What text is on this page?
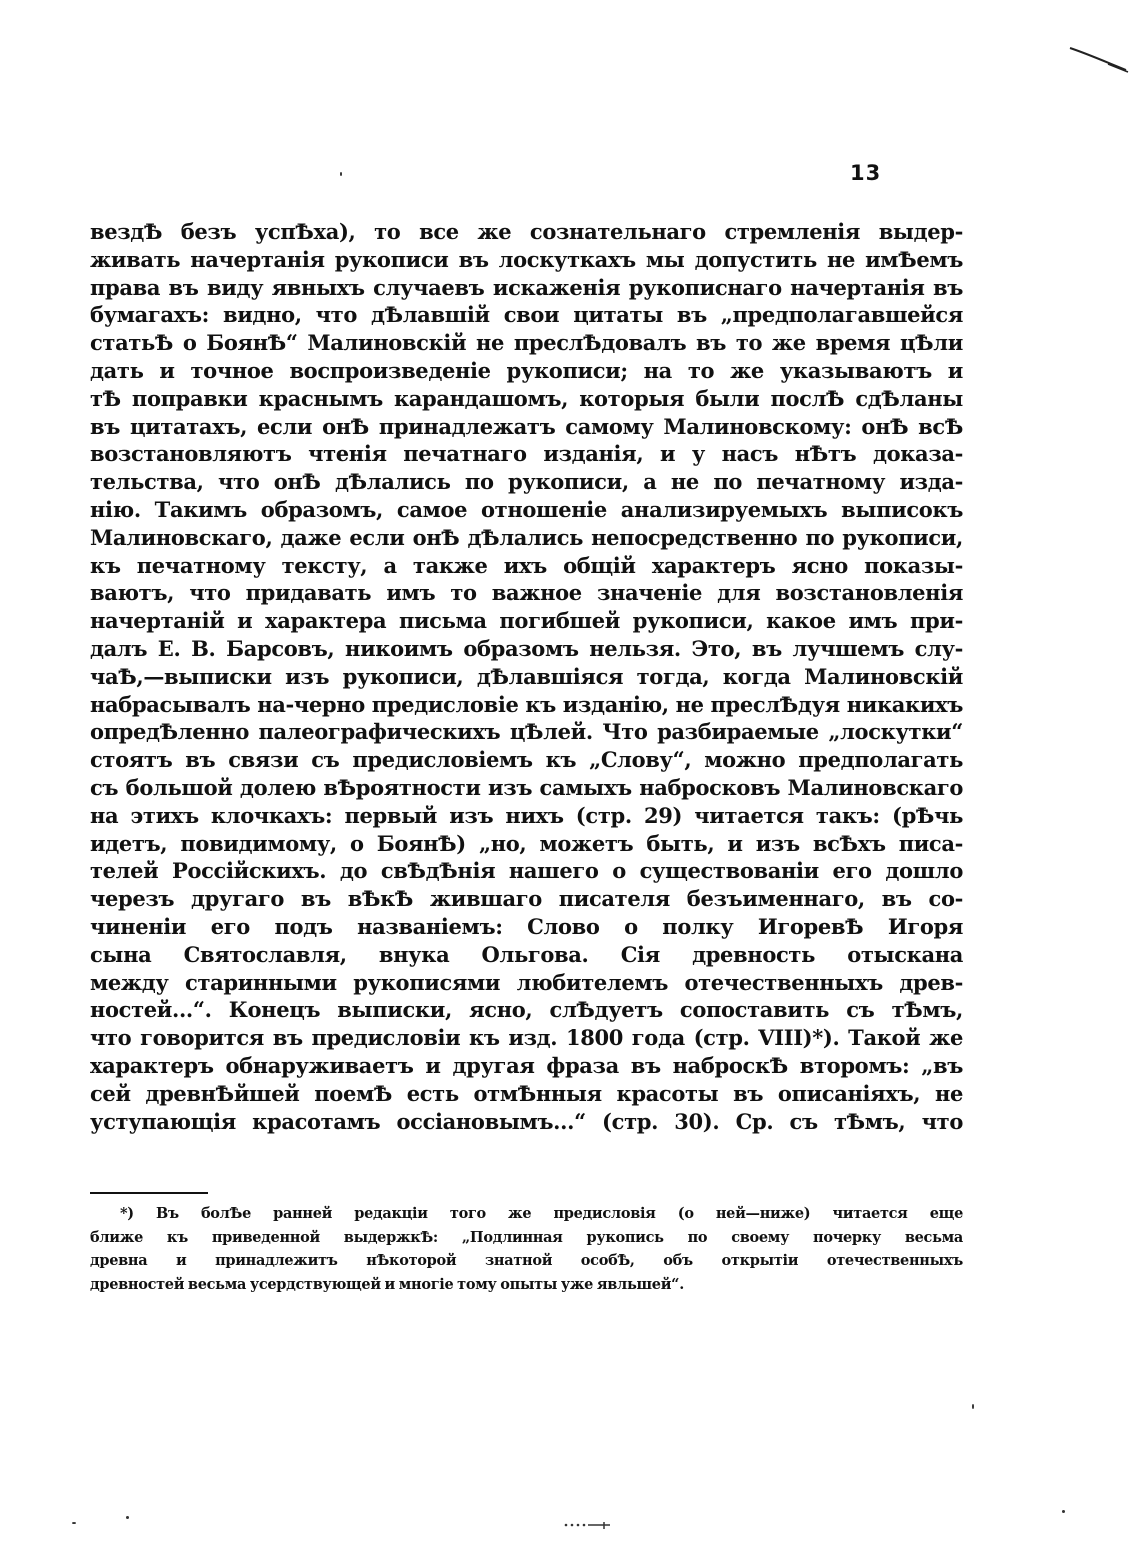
13
вездѢ безъ успѢха), то все же сознательнаго стремленія выдер-
живать начертанія рукописи въ лоскуткахъ мы допустить не имѢемъ
права въ виду явныхъ случаевъ искаженія рукописнаго начертанія въ
бумагахъ: видно, что дѢлавшій свои цитаты въ „предполагавшейся
статьѢ о БоянѢ“ Малиновскій не преслѢдовалъ въ то же время цѢли
дать и точное воспроизведеніе рукописи; на то же указываютъ и
тѢ поправки краснымъ карандашомъ, которыя были послѢ сдѢланы
въ цитатахъ, если онѢ принадлежатъ самому Малиновскому: онѢ всѢ
возстановляютъ чтенія печатнаго изданія, и у насъ нѢтъ доказа-
тельства, что онѢ дѢлались по рукописи, а не по печатному изда-
нію. Такимъ образомъ, самое отношеніе анализируемыхъ выписокъ
Малиновскаго, даже если онѢ дѢлались непосредственно по рукописи,
къ печатному тексту, а также ихъ общій характеръ ясно показы-
ваютъ, что придавать имъ то важное значеніе для возстановленія
начертаній и характера письма погибшей рукописи, какое имъ при-
далъ Е. В. Барсовъ, никоимъ образомъ нельзя. Это, въ лучшемъ слу-
чаѢ,—выписки изъ рукописи, дѢлавшіяся тогда, когда Малиновскій
набрасывалъ на-черно предисловіе къ изданію, не преслѢдуя никакихъ
опредѢленно палеографическихъ цѢлей. Что разбираемые „лоскутки“
стоятъ въ связи съ предисловіемъ къ „Слову“, можно предполагать
съ большой долею вѢроятности изъ самыхъ набросковъ Малиновскаго
на этихъ клочкахъ: первый изъ нихъ (стр. 29) читается такъ: (рѢчь
идетъ, повидимому, о БоянѢ) „но, можетъ быть, и изъ всѢхъ писа-
телей Россійскихъ. до свѢдѢнія нашего о существованіи его дошло
черезъ другаго въ вѢкѢ жившаго писателя безъименнаго, въ со-
чиненіи его подъ названіемъ: Слово о полку ИгоревѢ Игоря
сына Святославля, внука Ольгова. Сія древность отыскана
между старинными рукописями любителемъ отечественныхъ древ-
ностей...“. Конецъ выписки, ясно, слѢдуетъ сопоставить съ тѢмъ,
что говорится въ предисловіи къ изд. 1800 года (стр. VIII)*). Такой же
характеръ обнаруживаетъ и другая фраза въ наброскѢ второмъ: „въ
сей древнѢйшей поемѢ есть отмѢнныя красоты въ описаніяхъ, не
уступающія красотамъ оссіановымъ...“ (стр. 30). Ср. съ тѢмъ, что
*) Въ болѢе ранней редакціи того же предисловія (о ней—ниже) читается еще
ближе къ приведенной выдержкѢ: „Подлинная рукопись по своему почерку весьма
древна и принадлежитъ нѢкоторой знатной особѢ, объ открытіи отечественныхъ
древностей весьма усердствующей и многіе тому опыты уже явльшей“.
